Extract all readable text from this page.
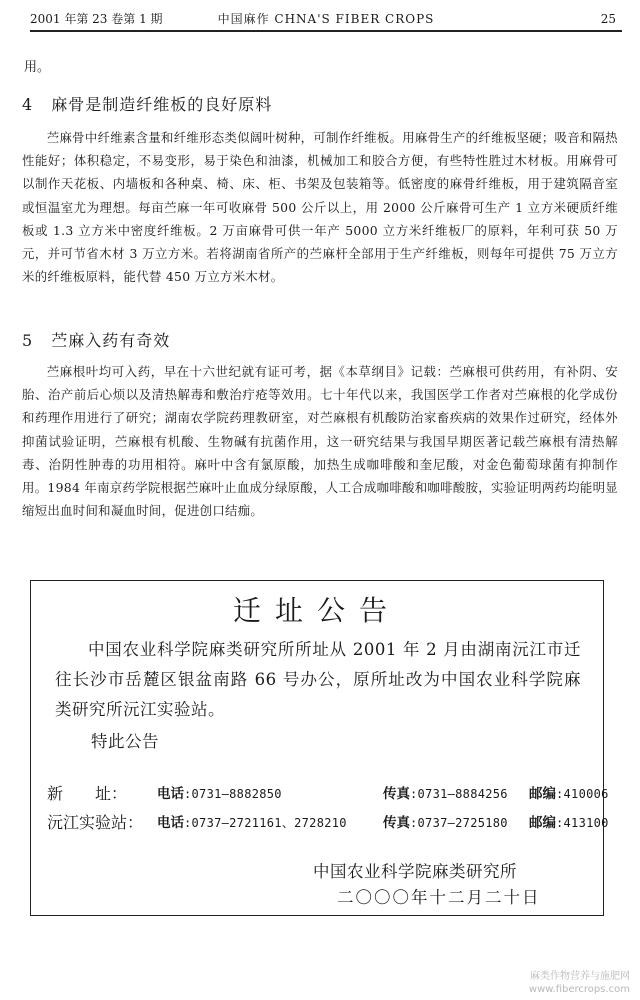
2001 年第 23 卷第 1 期	中国麻作 CHNA'S FIBER CROPS	25
用。
4 麻骨是制造纤维板的良好原料
苎麻骨中纤维素含量和纤维形态类似阔叶树种，可制作纤维板。用麻骨生产的纤维板坚硬；吸音和隔热性能好；体积稳定，不易变形，易于染色和油漆，机械加工和胶合方便，有些特性胜过木材板。用麻骨可以制作天花板、内墙板和各种桌、椅、床、柜、书架及包装箱等。低密度的麻骨纤维板，用于建筑隔音室或恒温室尤为理想。每亩苎麻一年可收麻骨 500 公斤以上，用 2000 公斤麻骨可生产 1 立方米硬质纤维板或 1.3 立方米中密度纤维板。2 万亩麻骨可供一年产 5000 立方米纤维板厂的原料，年利可获 50 万元，并可节省木材 3 万立方米。若将湖南省所产的苎麻杆全部用于生产纤维板，则每年可提供 75 万立方米的纤维板原料，能代替 450 万立方米木材。
5 苎麻入药有奇效
苎麻根叶均可入药，早在十六世纪就有证可考，据《本草纲目》记载：苎麻根可供药用，有补阴、安胎、治产前后心烦以及清热解毒和敷治疔疮等效用。七十年代以来，我国医学工作者对苎麻根的化学成份和药理作用进行了研究；湖南农学院药理教研室，对苎麻根有机酸防治家畜疾病的效果作过研究，经体外抑菌试验证明，苎麻根有机酸、生物碱有抗菌作用，这一研究结果与我国早期医著记载苎麻根有清热解毒、治阴性肿毒的功用相符。麻叶中含有氯原酸，加热生成咖啡酸和奎尼酸，对金色葡萄球菌有抑制作用。1984 年南京药学院根据苎麻叶止血成分绿原酸，人工合成咖啡酸和咖啡酸胺，实验证明两药均能明显缩短出血时间和凝血时间，促进创口结痂。
迁址公告
中国农业科学院麻类研究所所址从 2001 年 2 月由湖南沅江市迁往长沙市岳麓区银盆南路 66 号办公，原所址改为中国农业科学院麻类研究所沅江实验站。
特此公告
新　　址： 电话:0731—8882850	传真:0731—8884256 邮编:410006
沅江实验站： 电话:0737—2721161、2728210	传真:0737—2725180 邮编:413100
中国农业科学院麻类研究所
二〇〇〇年十二月二十日
麻类作物营养与施肥网
www.fibercrops.com
